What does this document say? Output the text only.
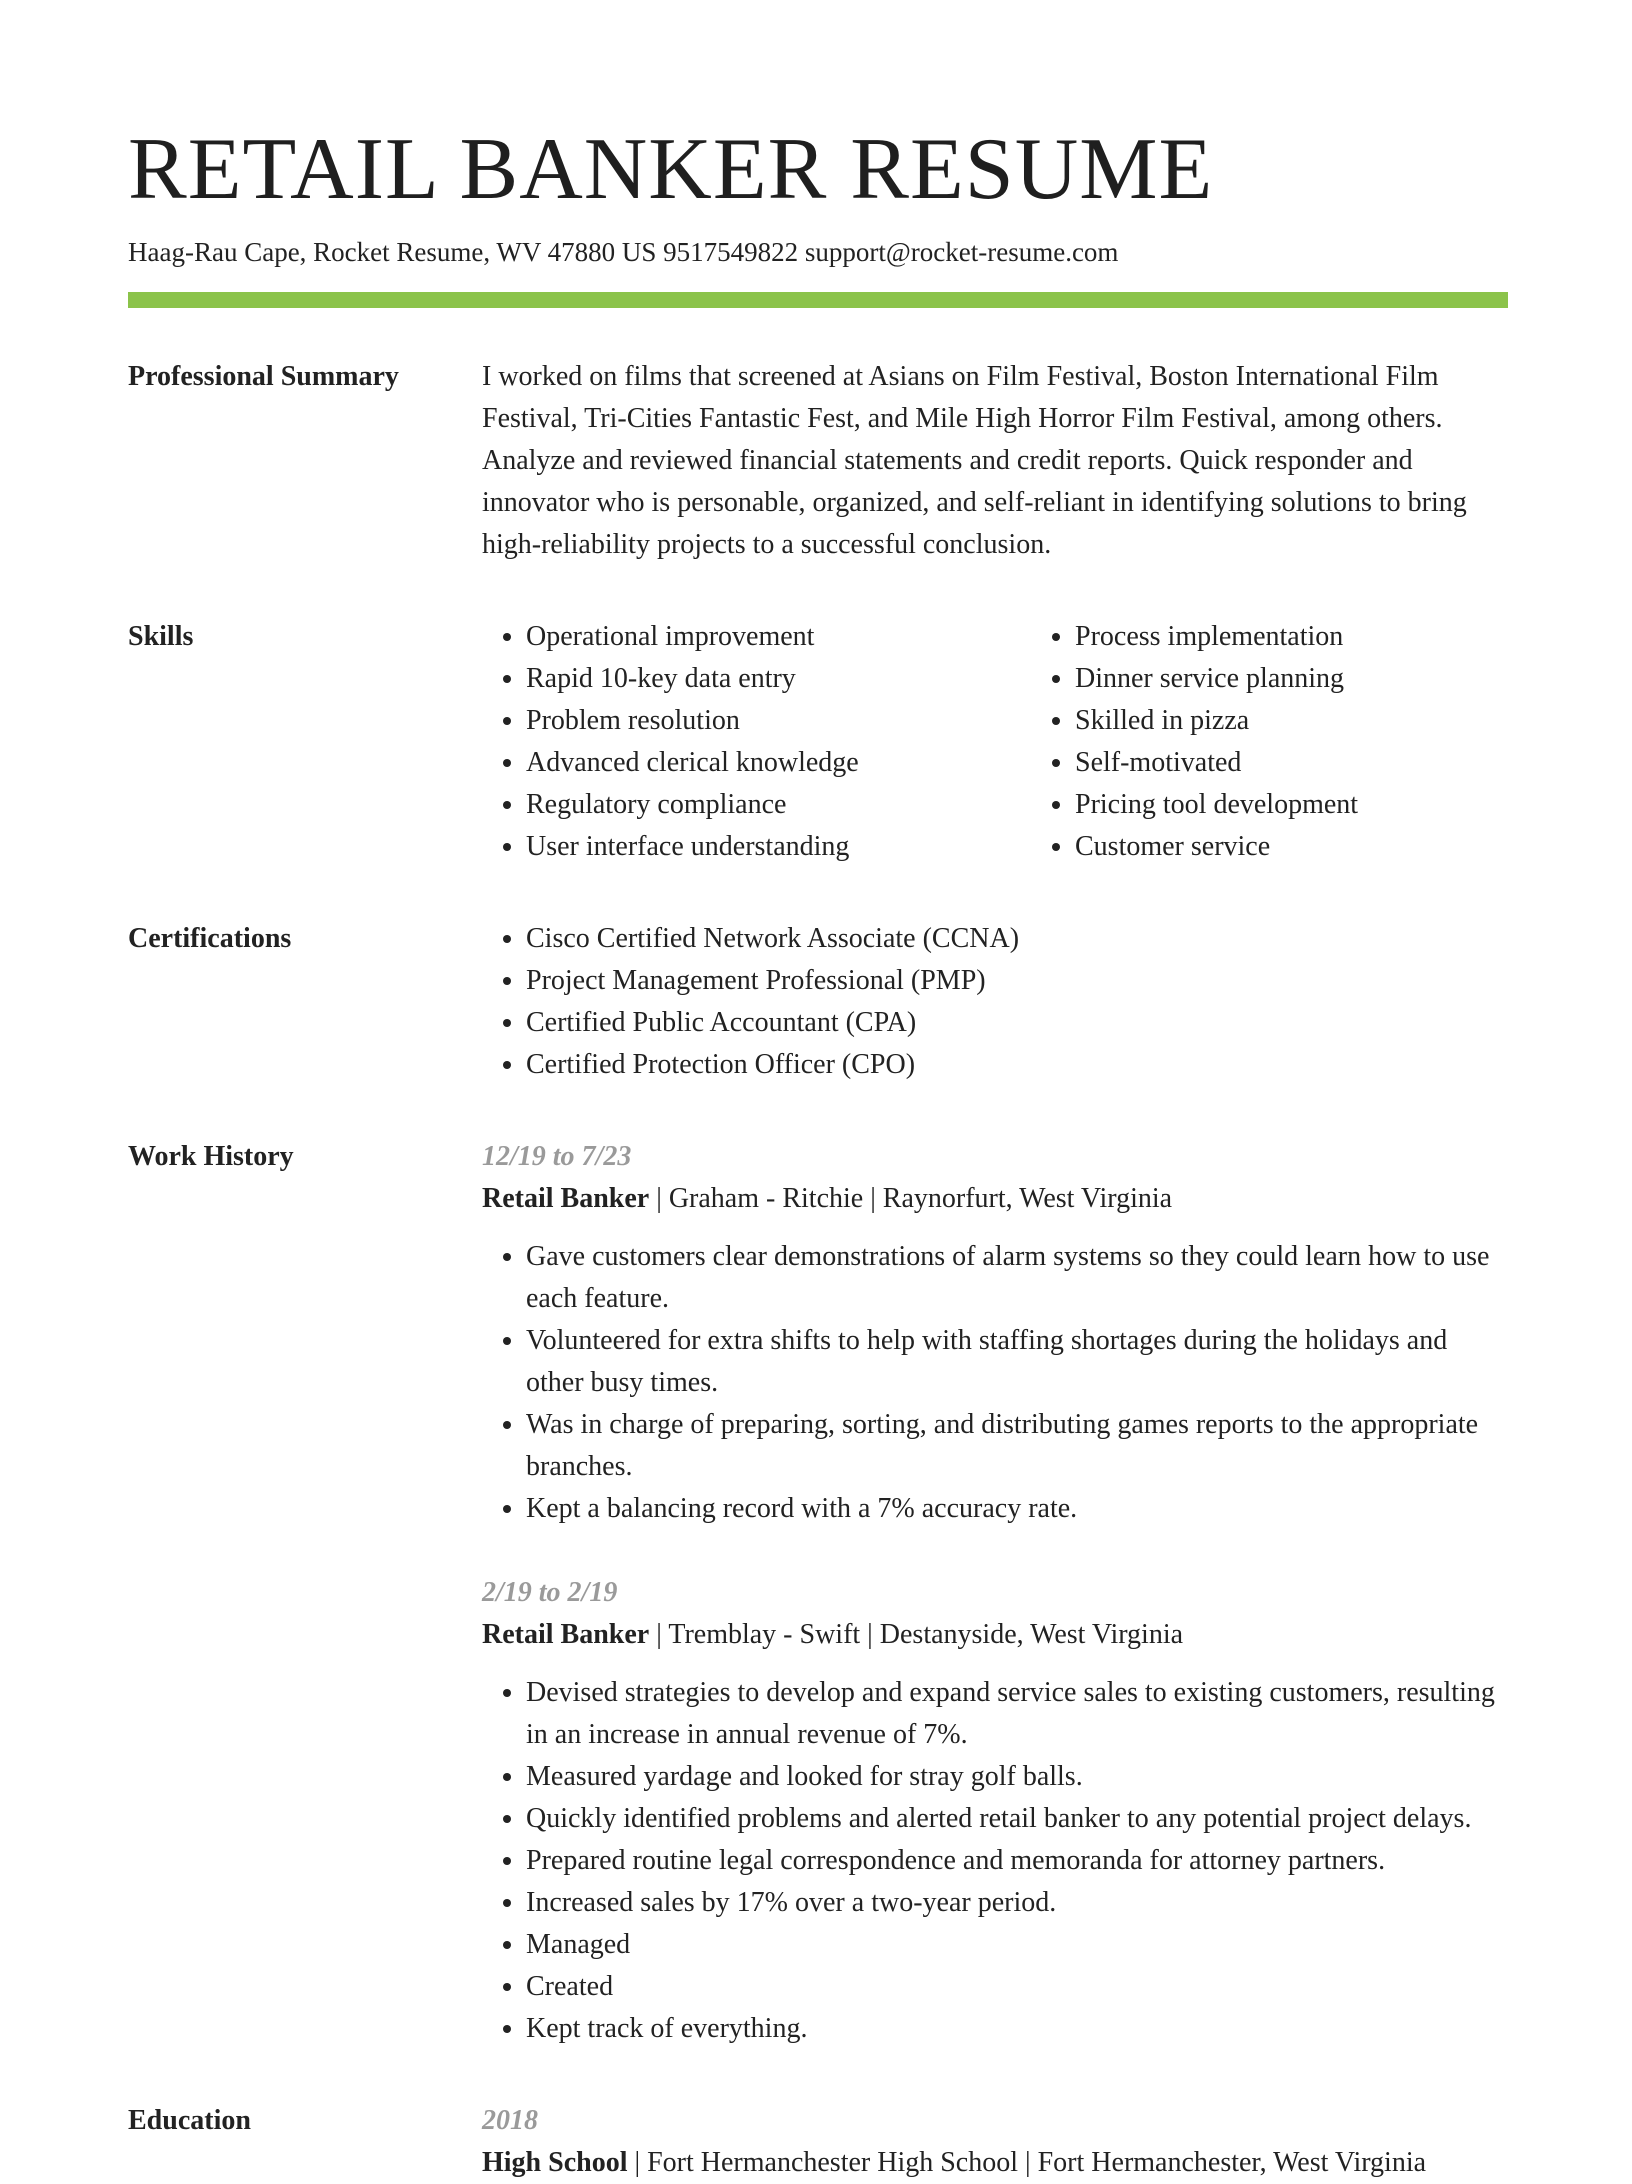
RETAIL BANKER RESUME
Haag-Rau Cape, Rocket Resume, WV 47880 US 9517549822 support@rocket-resume.com
Professional Summary	I worked on films that screened at Asians on Film Festival, Boston International Film Festival, Tri-Cities Fantastic Fest, and Mile High Horror Film Festival, among others. Analyze and reviewed financial statements and credit reports. Quick responder and innovator who is personable, organized, and self-reliant in identifying solutions to bring high-reliability projects to a successful conclusion.

Skills	• Operational improvement
• Rapid 10-key data entry
• Problem resolution
• Advanced clerical knowledge
• Regulatory compliance
• User interface understanding
• Process implementation
• Dinner service planning
• Skilled in pizza
• Self-motivated
• Pricing tool development
• Customer service
Certifications	• Cisco Certified Network Associate (CCNA)
• Project Management Professional (PMP)
• Certified Public Accountant (CPA)
• Certified Protection Officer (CPO)
Work History	12/19 to 7/23
Retail Banker | Graham - Ritchie | Raynorfurt, West Virginia
• Gave customers clear demonstrations of alarm systems so they could learn how to use each feature.
• Volunteered for extra shifts to help with staffing shortages during the holidays and other busy times.
• Was in charge of preparing, sorting, and distributing games reports to the appropriate branches.
• Kept a balancing record with a 7% accuracy rate.
2/19 to 2/19
Retail Banker | Tremblay - Swift | Destanyside, West Virginia
• Devised strategies to develop and expand service sales to existing customers, resulting in an increase in annual revenue of 7%.
• Measured yardage and looked for stray golf balls.
• Quickly identified problems and alerted retail banker to any potential project delays.
• Prepared routine legal correspondence and memoranda for attorney partners.
• Increased sales by 17% over a two-year period.
• Managed
• Created
• Kept track of everything.
Education	2018
High School | Fort Hermanchester High School | Fort Hermanchester, West Virginia
